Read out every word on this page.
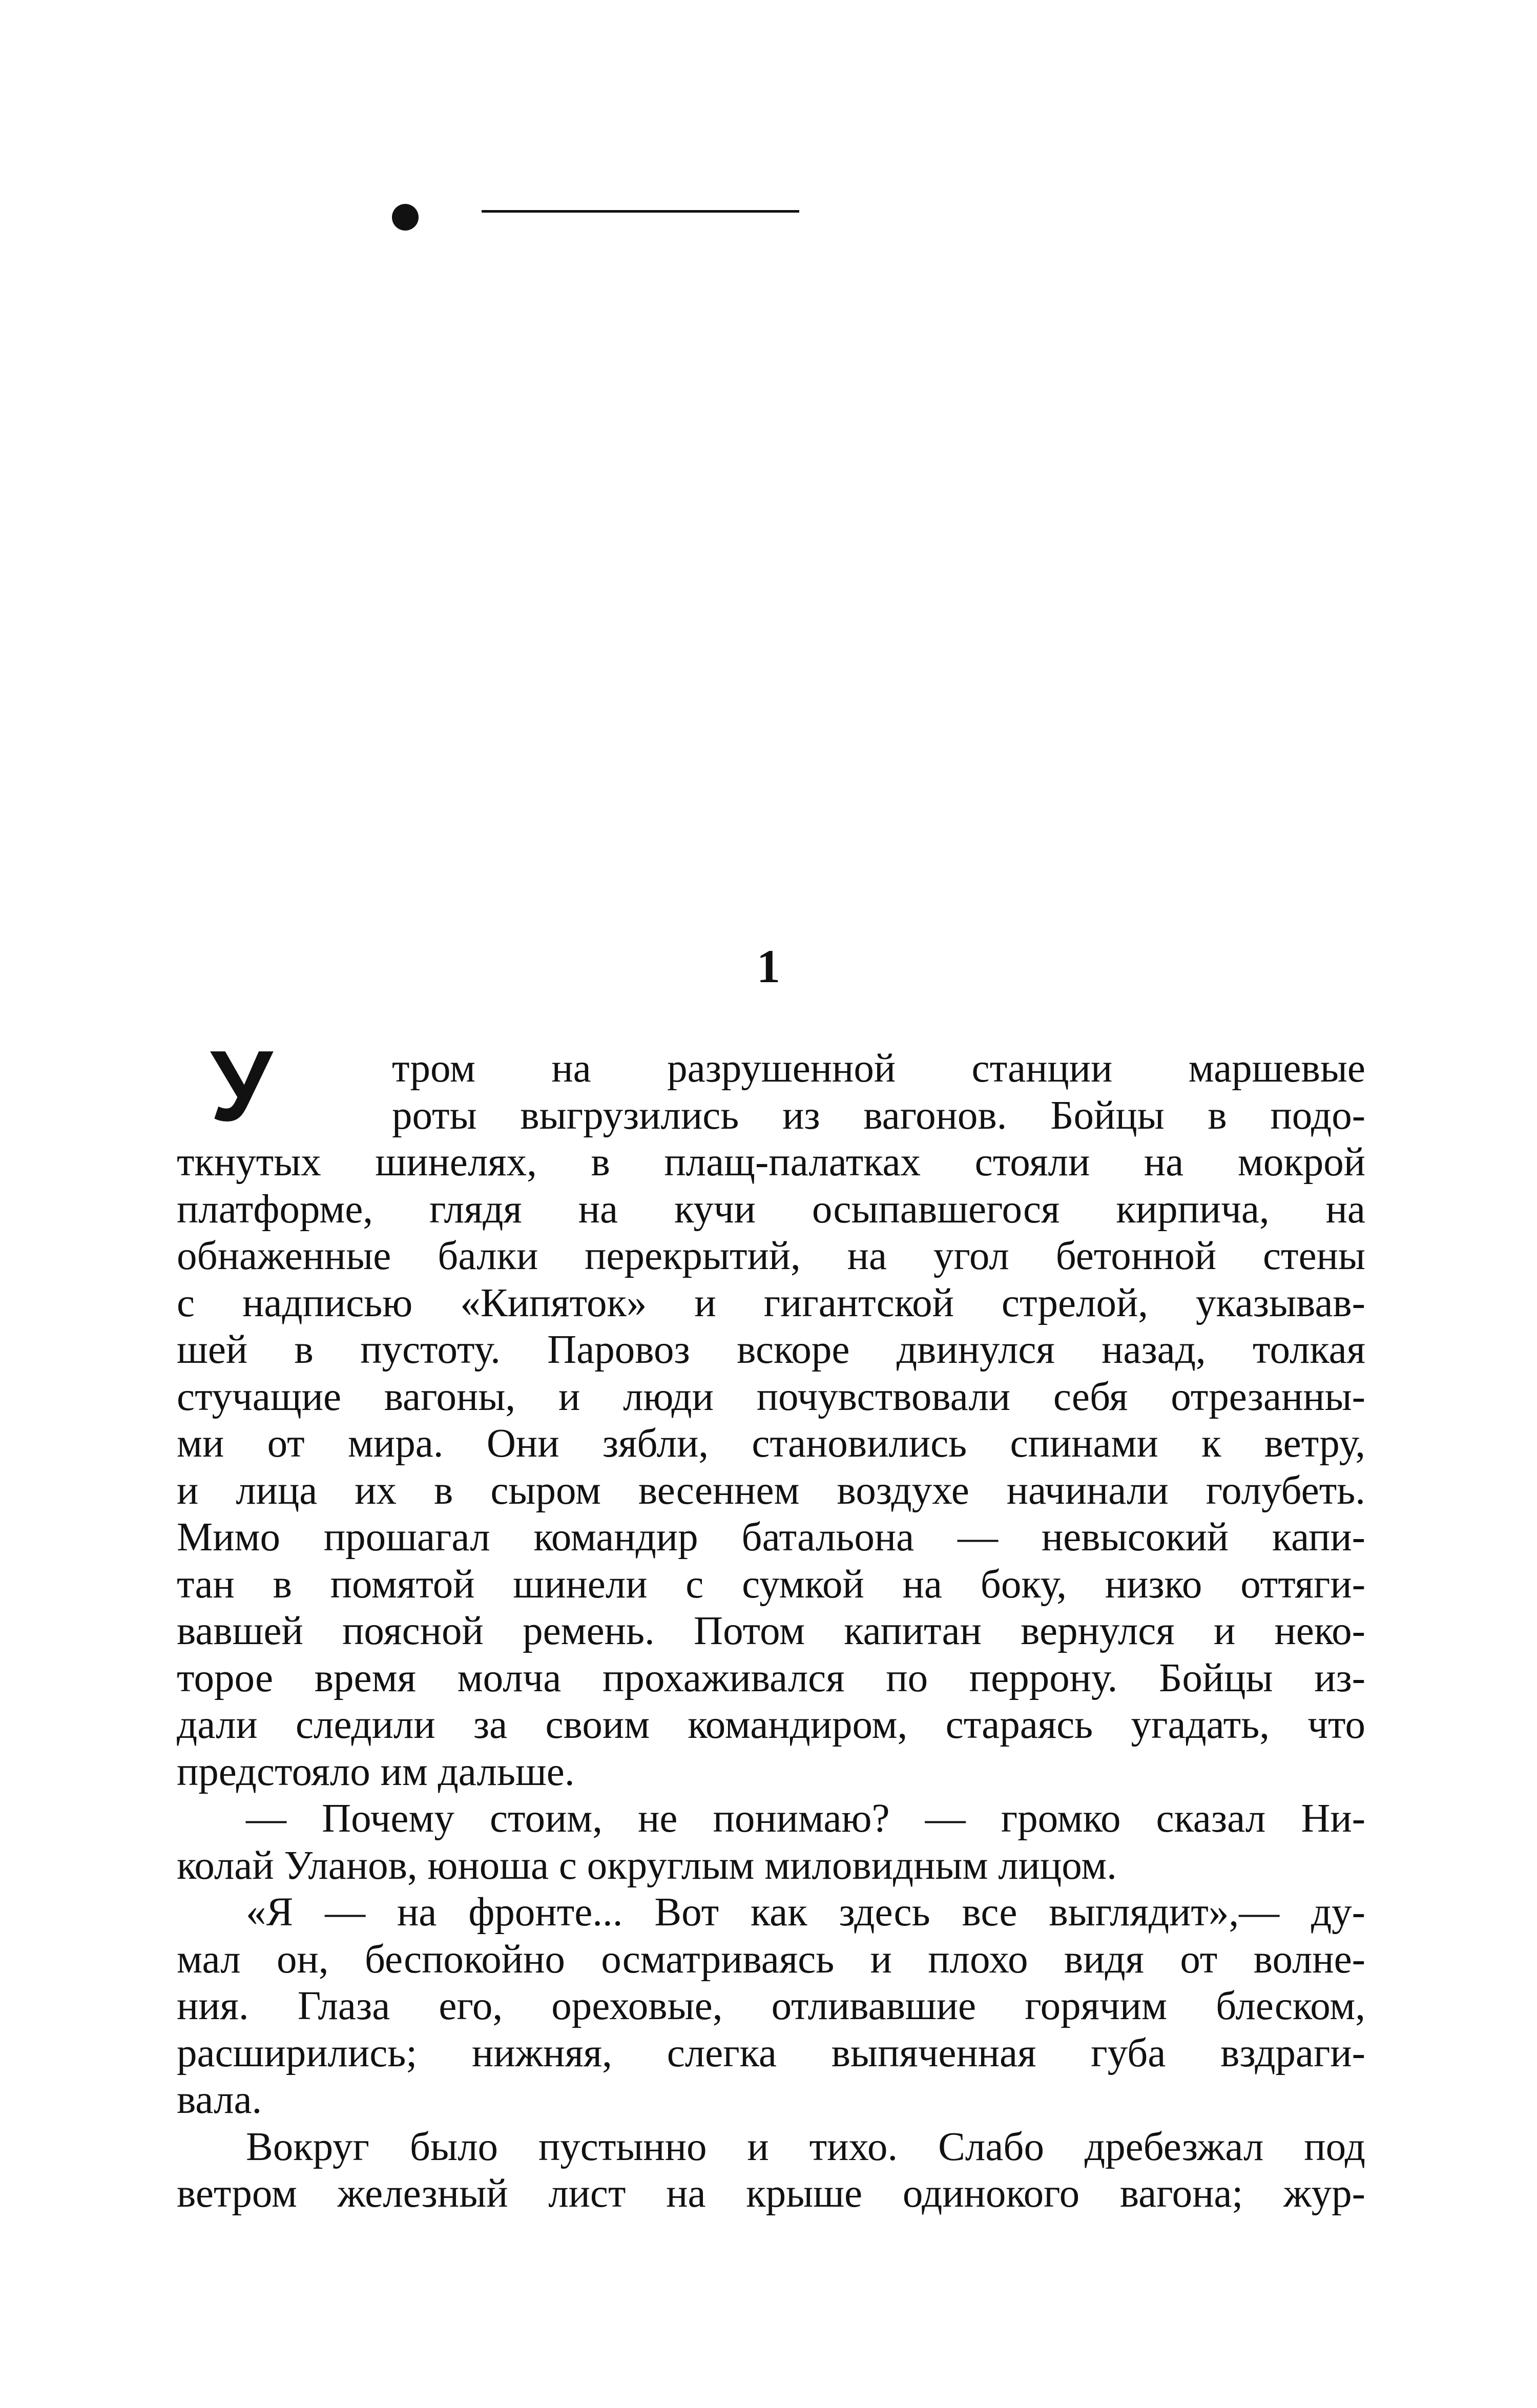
1
У	тром на разрушенной станции маршевые
роты выгрузились из вагонов. Бойцы в подо-
ткнутых шинелях, в плащ-палатках стояли на мокрой
платформе, глядя на кучи осыпавшегося кирпича, на
обнаженные балки перекрытий, на угол бетонной стены
с надписью «Кипяток» и гигантской стрелой, указывав-
шей в пустоту. Паровоз вскоре двинулся назад, толкая
стучащие вагоны, и люди почувствовали себя отрезанны-
ми от мира. Они зябли, становились спинами к ветру,
и лица их в сыром весеннем воздухе начинали голубеть.
Мимо прошагал командир батальона — невысокий капи-
тан в помятой шинели с сумкой на боку, низко оттяги-
вавшей поясной ремень. Потом капитан вернулся и неко-
торое время молча прохаживался по перрону. Бойцы из-
дали следили за своим командиром, стараясь угадать, что
предстояло им дальше.
— Почему стоим, не понимаю? — громко сказал Ни-
колай Уланов, юноша с округлым миловидным лицом.
«Я — на фронте... Вот как здесь все выглядит»,— ду-
мал он, беспокойно осматриваясь и плохо видя от волне-
ния. Глаза его, ореховые, отливавшие горячим блеском,
расширились; нижняя, слегка выпяченная губа вздраги-
вала.
Вокруг было пустынно и тихо. Слабо дребезжал под
ветром железный лист на крыше одинокого вагона; жур-
